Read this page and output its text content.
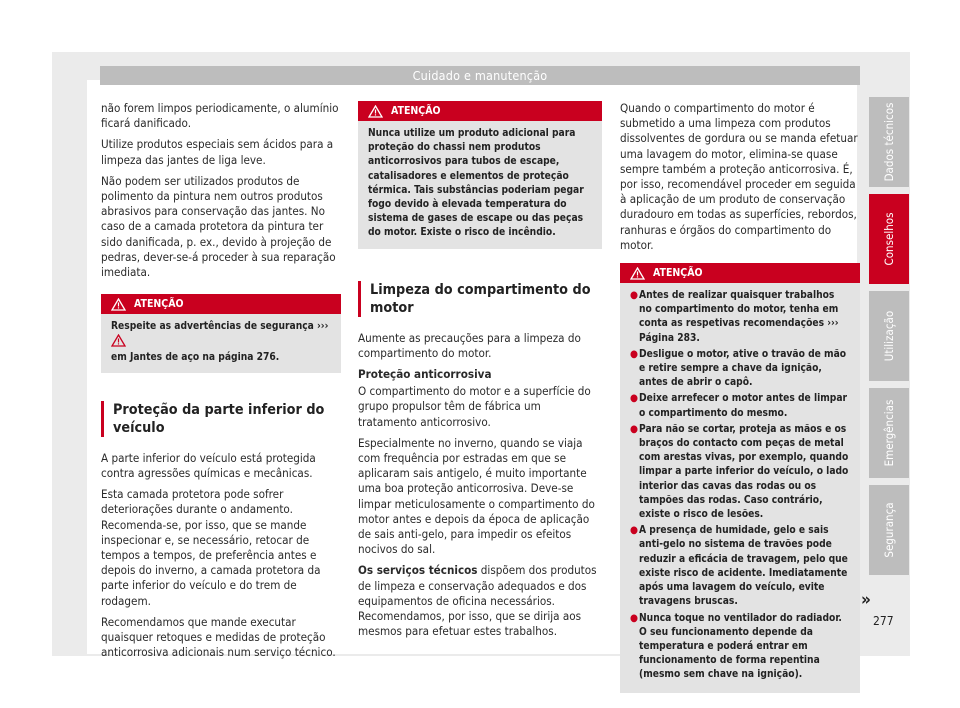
Cuidado e manutenção

não forem limpos periodicamente, o alumínio ficará danificado.

Utilize produtos especiais sem ácidos para a limpeza das jantes de liga leve.

Não podem ser utilizados produtos de polimento da pintura nem outros produtos abrasivos para conservação das jantes. No caso de a camada protetora da pintura ter sido danificada, p. ex., devido à projeção de pedras, dever-se-á proceder à sua reparação imediata.

ATENÇÃO
Respeite as advertências de segurança ›››
em Jantes de aço na página 276.
Proteção da parte inferior do veículo

A parte inferior do veículo está protegida contra agressões químicas e mecânicas.

Esta camada protetora pode sofrer deteriorações durante o andamento. Recomenda-se, por isso, que se mande inspecionar e, se necessário, retocar de tempos a tempos, de preferência antes e depois do inverno, a camada protetora da parte inferior do veículo e do trem de rodagem.

Recomendamos que mande executar quaisquer retoques e medidas de proteção anticorrosiva adicionais num serviço técnico.

ATENÇÃO
Nunca utilize um produto adicional para proteção do chassi nem produtos anticorrosivos para tubos de escape, catalisadores e elementos de proteção térmica. Tais substâncias poderiam pegar fogo devido à elevada temperatura do sistema de gases de escape ou das peças do motor. Existe o risco de incêndio.
Limpeza do compartimento do motor

Aumente as precauções para a limpeza do compartimento do motor.

Proteção anticorrosiva

O compartimento do motor e a superfície do grupo propulsor têm de fábrica um tratamento anticorrosivo.

Especialmente no inverno, quando se viaja com frequência por estradas em que se aplicaram sais antigelo, é muito importante uma boa proteção anticorrosiva. Deve-se limpar meticulosamente o compartimento do motor antes e depois da época de aplicação de sais anti-gelo, para impedir os efeitos nocivos do sal.

Os serviços técnicos dispõem dos produtos de limpeza e conservação adequados e dos equipamentos de oficina necessários. Recomendamos, por isso, que se dirija aos mesmos para efetuar estes trabalhos.

Quando o compartimento do motor é submetido a uma limpeza com produtos dissolventes de gordura ou se manda efetuar uma lavagem do motor, elimina-se quase sempre também a proteção anticorrosiva. É, por isso, recomendável proceder em seguida à aplicação de um produto de conservação duradouro em todas as superfícies, rebordos, ranhuras e órgãos do compartimento do motor.

ATENÇÃO
● Antes de realizar quaisquer trabalhos no compartimento do motor, tenha em conta as respetivas recomendações ››› Página 283.
● Desligue o motor, ative o travão de mão e retire sempre a chave da ignição, antes de abrir o capô.
● Deixe arrefecer o motor antes de limpar o compartimento do mesmo.
● Para não se cortar, proteja as mãos e os braços do contacto com peças de metal com arestas vivas, por exemplo, quando limpar a parte inferior do veículo, o lado interior das cavas das rodas ou os tampões das rodas. Caso contrário, existe o risco de lesões.
● A presença de humidade, gelo e sais anti-gelo no sistema de travões pode reduzir a eficácia de travagem, pelo que existe risco de acidente. Imediatamente após uma lavagem do veículo, evite travagens bruscas.
● Nunca toque no ventilador do radiador. O seu funcionamento depende da temperatura e poderá entrar em funcionamento de forma repentina (mesmo sem chave na ignição).
Dados técnicos
Conselhos
Utilização
Emergências
Segurança
»
277
